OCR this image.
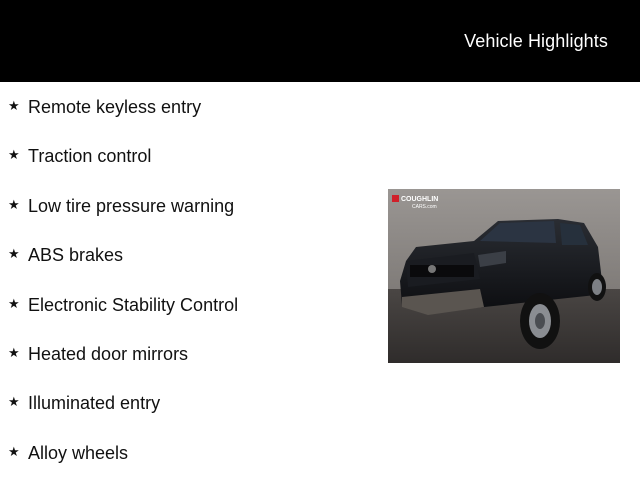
Vehicle Highlights
★ Remote keyless entry
★ Traction control
★ Low tire pressure warning
★ ABS brakes
★ Electronic Stability Control
★ Heated door mirrors
★ Illuminated entry
★ Alloy wheels
COUGHLIN
CARS.com
